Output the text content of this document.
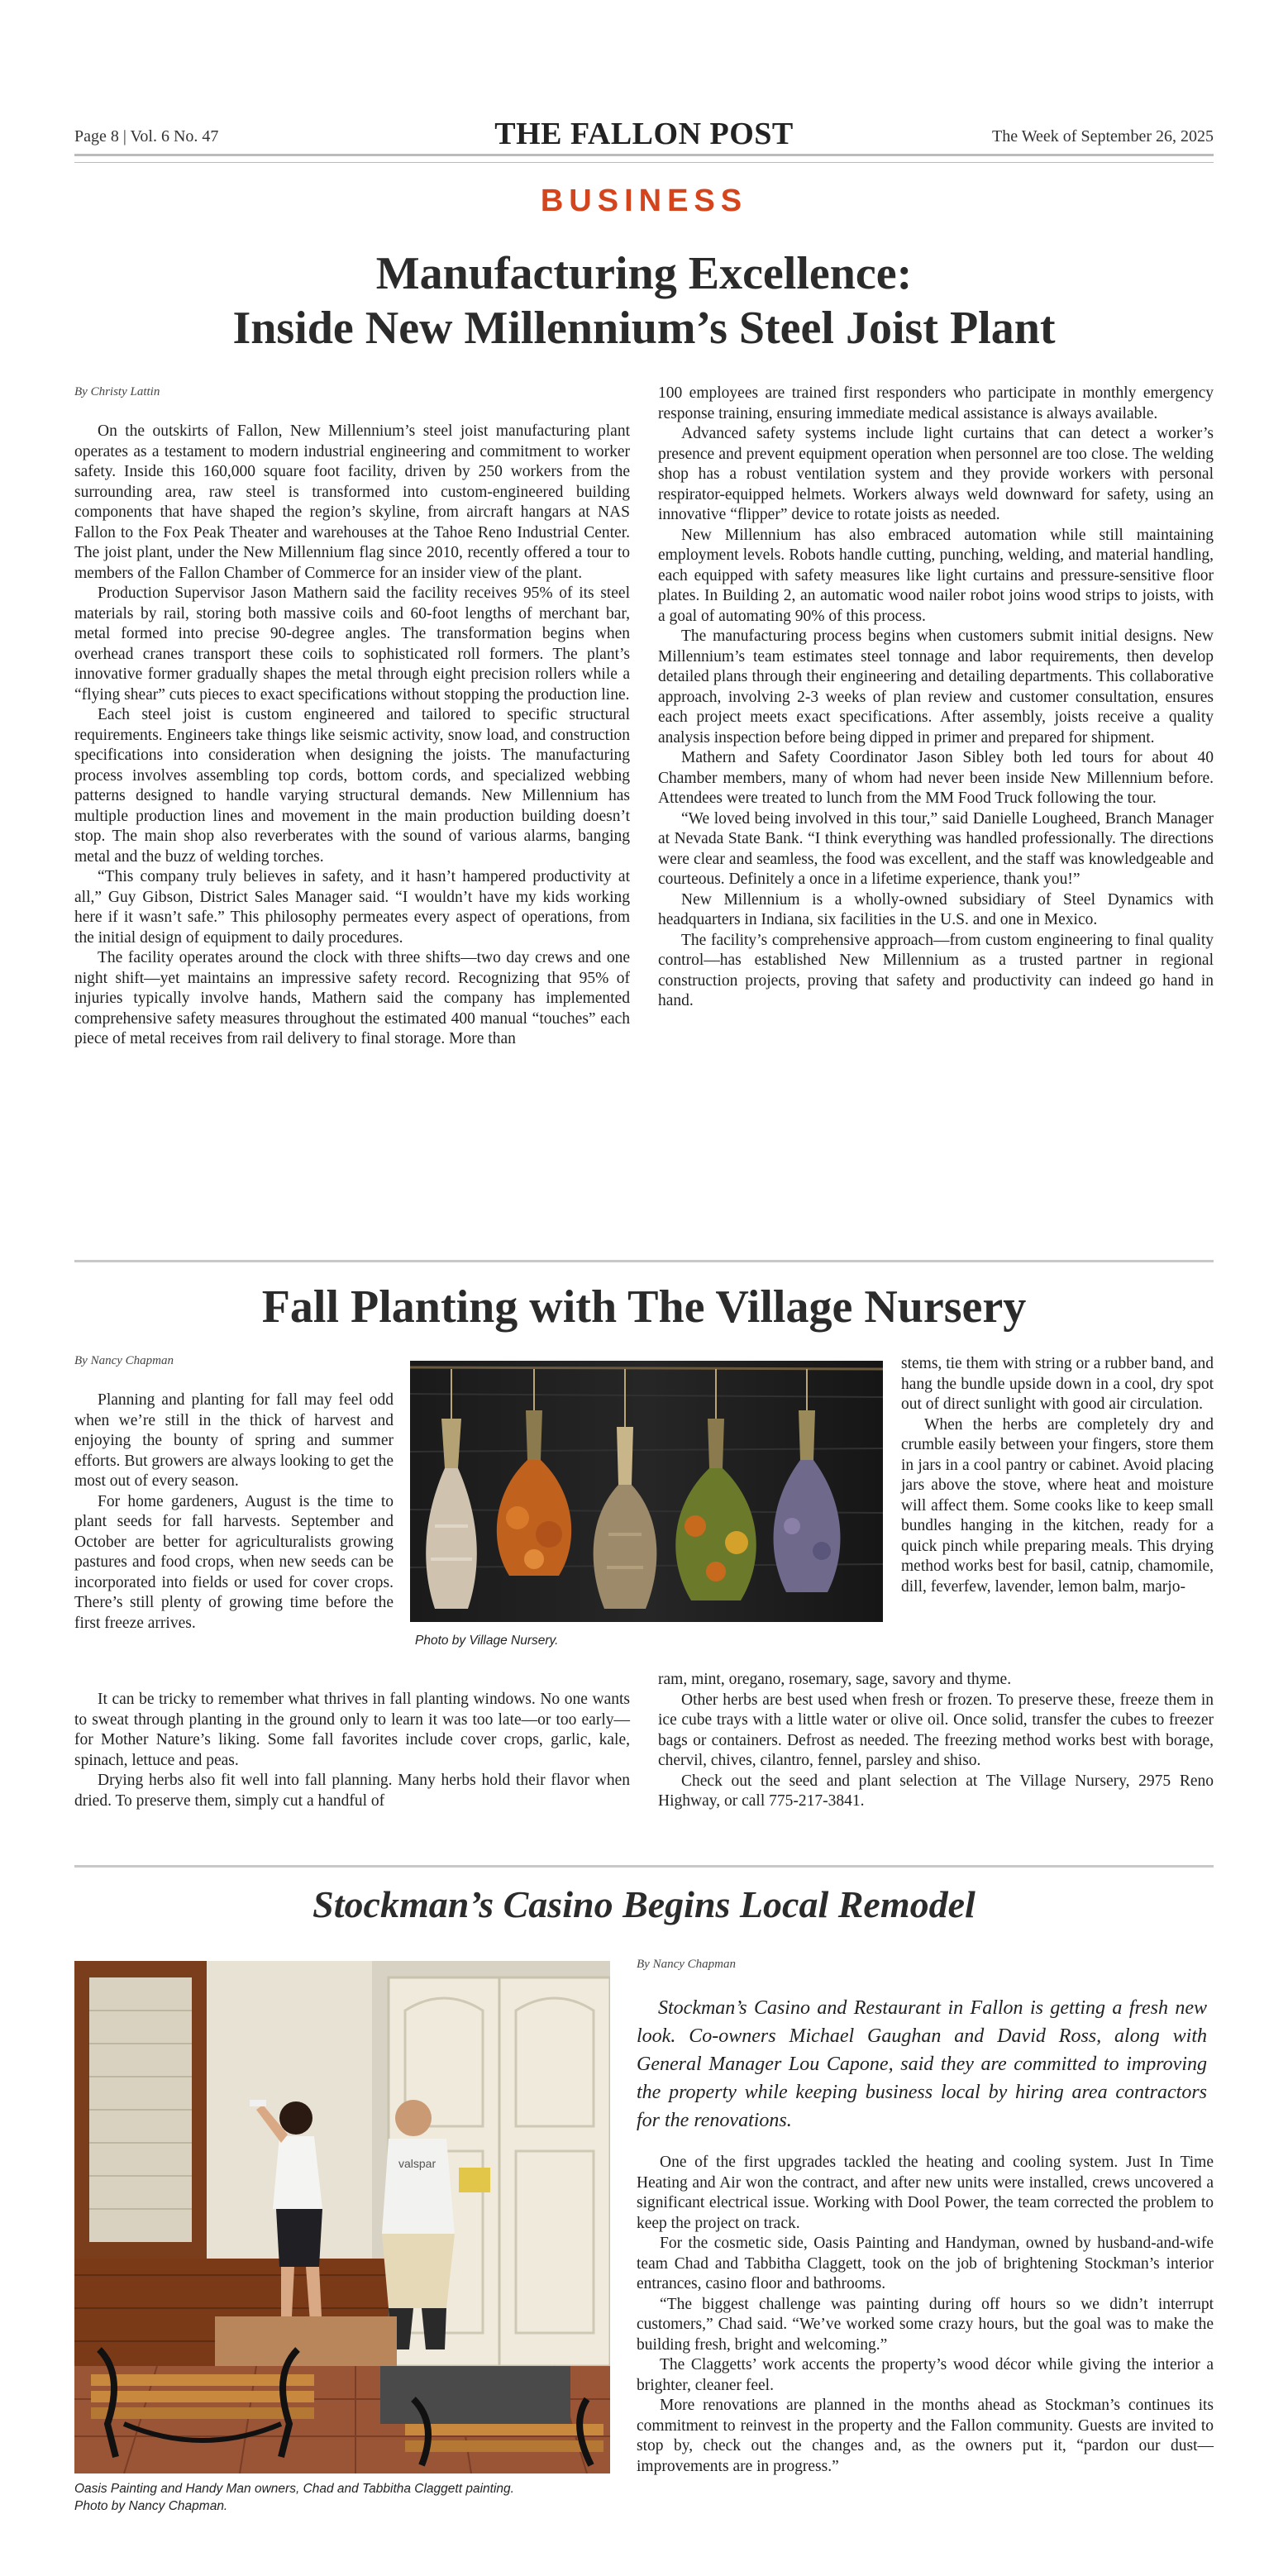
Page 8 | Vol. 6 No. 47	THE FALLON POST	The Week of September 26, 2025
BUSINESS
Manufacturing Excellence:
Inside New Millennium’s Steel Joist Plant
By Christy Lattin

On the outskirts of Fallon, New Millennium’s steel joist manufacturing plant operates as a testament to modern industrial engineering and commitment to worker safety. Inside this 160,000 square foot facility, driven by 250 workers from the surrounding area, raw steel is transformed into custom-engineered building components that have shaped the region’s skyline, from aircraft hangars at NAS Fallon to the Fox Peak Theater and warehouses at the Tahoe Reno Industrial Center. The joist plant, under the New Millennium flag since 2010, recently offered a tour to members of the Fallon Chamber of Commerce for an insider view of the plant.

Production Supervisor Jason Mathern said the facility receives 95% of its steel materials by rail, storing both massive coils and 60-foot lengths of merchant bar, metal formed into precise 90-degree angles. The transformation begins when overhead cranes transport these coils to sophisticated roll formers. The plant’s innovative former gradually shapes the metal through eight precision rollers while a “flying shear” cuts pieces to exact specifications without stopping the production line.

Each steel joist is custom engineered and tailored to specific structural requirements. Engineers take things like seismic activity, snow load, and construction specifications into consideration when designing the joists. The manufacturing process involves assembling top cords, bottom cords, and specialized webbing patterns designed to handle varying structural demands. New Millennium has multiple production lines and movement in the main production building doesn’t stop. The main shop also reverberates with the sound of various alarms, banging metal and the buzz of welding torches.

“This company truly believes in safety, and it hasn’t hampered productivity at all,” Guy Gibson, District Sales Manager said. “I wouldn’t have my kids working here if it wasn’t safe.” This philosophy permeates every aspect of operations, from the initial design of equipment to daily procedures.

The facility operates around the clock with three shifts—two day crews and one night shift—yet maintains an impressive safety record. Recognizing that 95% of injuries typically involve hands, Mathern said the company has implemented comprehensive safety measures throughout the estimated 400 manual “touches” each piece of metal receives from rail delivery to final storage. More than

100 employees are trained first responders who participate in monthly emergency response training, ensuring immediate medical assistance is always available.

Advanced safety systems include light curtains that can detect a worker’s presence and prevent equipment operation when personnel are too close. The welding shop has a robust ventilation system and they provide workers with personal respirator-equipped helmets. Workers always weld downward for safety, using an innovative “flipper” device to rotate joists as needed.

New Millennium has also embraced automation while still maintaining employment levels. Robots handle cutting, punching, welding, and material handling, each equipped with safety measures like light curtains and pressure-sensitive floor plates. In Building 2, an automatic wood nailer robot joins wood strips to joists, with a goal of automating 90% of this process.

The manufacturing process begins when customers submit initial designs. New Millennium’s team estimates steel tonnage and labor requirements, then develop detailed plans through their engineering and detailing departments. This collaborative approach, involving 2-3 weeks of plan review and customer consultation, ensures each project meets exact specifications. After assembly, joists receive a quality analysis inspection before being dipped in primer and prepared for shipment.

Mathern and Safety Coordinator Jason Sibley both led tours for about 40 Chamber members, many of whom had never been inside New Millennium before. Attendees were treated to lunch from the MM Food Truck following the tour.

“We loved being involved in this tour,” said Danielle Lougheed, Branch Manager at Nevada State Bank. “I think everything was handled professionally. The directions were clear and seamless, the food was excellent, and the staff was knowledgeable and courteous. Definitely a once in a lifetime experience, thank you!”

New Millennium is a wholly-owned subsidiary of Steel Dynamics with headquarters in Indiana, six facilities in the U.S. and one in Mexico.

The facility’s comprehensive approach—from custom engineering to final quality control—has established New Millennium as a trusted partner in regional construction projects, proving that safety and productivity can indeed go hand in hand.

Fall Planting with The Village Nursery
By Nancy Chapman

Planning and planting for fall may feel odd when we’re still in the thick of harvest and enjoying the bounty of spring and summer efforts. But growers are always looking to get the most out of every season.

For home gardeners, August is the time to plant seeds for fall harvests. September and October are better for agriculturalists growing pastures and food crops, when new seeds can be incorporated into fields or used for cover crops. There’s still plenty of growing time before the first freeze arrives.

It can be tricky to remember what thrives in fall planting windows. No one wants to sweat through planting in the ground only to learn it was too late—or too early—for Mother Nature’s liking. Some fall favorites include cover crops, garlic, kale, spinach, lettuce and peas.

Drying herbs also fit well into fall planning. Many herbs hold their flavor when dried. To preserve them, simply cut a handful of

Photo by Village Nursery.

stems, tie them with string or a rubber band, and hang the bundle upside down in a cool, dry spot out of direct sunlight with good air circulation.

When the herbs are completely dry and crumble easily between your fingers, store them in jars in a cool pantry or cabinet. Avoid placing jars above the stove, where heat and moisture will affect them. Some cooks like to keep small bundles hanging in the kitchen, ready for a quick pinch while preparing meals. This drying method works best for basil, catnip, chamomile, dill, feverfew, lavender, lemon balm, marjo-

ram, mint, oregano, rosemary, sage, savory and thyme.

Other herbs are best used when fresh or frozen. To preserve these, freeze them in ice cube trays with a little water or olive oil. Once solid, transfer the cubes to freezer bags or containers. Defrost as needed. The freezing method works best with borage, chervil, chives, cilantro, fennel, parsley and shiso.

Check out the seed and plant selection at The Village Nursery, 2975 Reno Highway, or call 775-217-3841.

Stockman’s Casino Begins Local Remodel
valspar
Oasis Painting and Handy Man owners, Chad and Tabbitha Claggett painting.
Photo by Nancy Chapman.
By Nancy Chapman

Stockman’s Casino and Restaurant in Fallon is getting a fresh new look. Co-owners Michael Gaughan and David Ross, along with General Manager Lou Capone, said they are committed to improving the property while keeping business local by hiring area contractors for the renovations.

One of the first upgrades tackled the heating and cooling system. Just In Time Heating and Air won the contract, and after new units were installed, crews uncovered a significant electrical issue. Working with Dool Power, the team corrected the problem to keep the project on track.

For the cosmetic side, Oasis Painting and Handyman, owned by husband-and-wife team Chad and Tabbitha Claggett, took on the job of brightening Stockman’s interior entrances, casino floor and bathrooms.

“The biggest challenge was painting during off hours so we didn’t interrupt customers,” Chad said. “We’ve worked some crazy hours, but the goal was to make the building fresh, bright and welcoming.”

The Claggetts’ work accents the property’s wood décor while giving the interior a brighter, cleaner feel.

More renovations are planned in the months ahead as Stockman’s continues its commitment to reinvest in the property and the Fallon community. Guests are invited to stop by, check out the changes and, as the owners put it, “pardon our dust—improvements are in progress.”
